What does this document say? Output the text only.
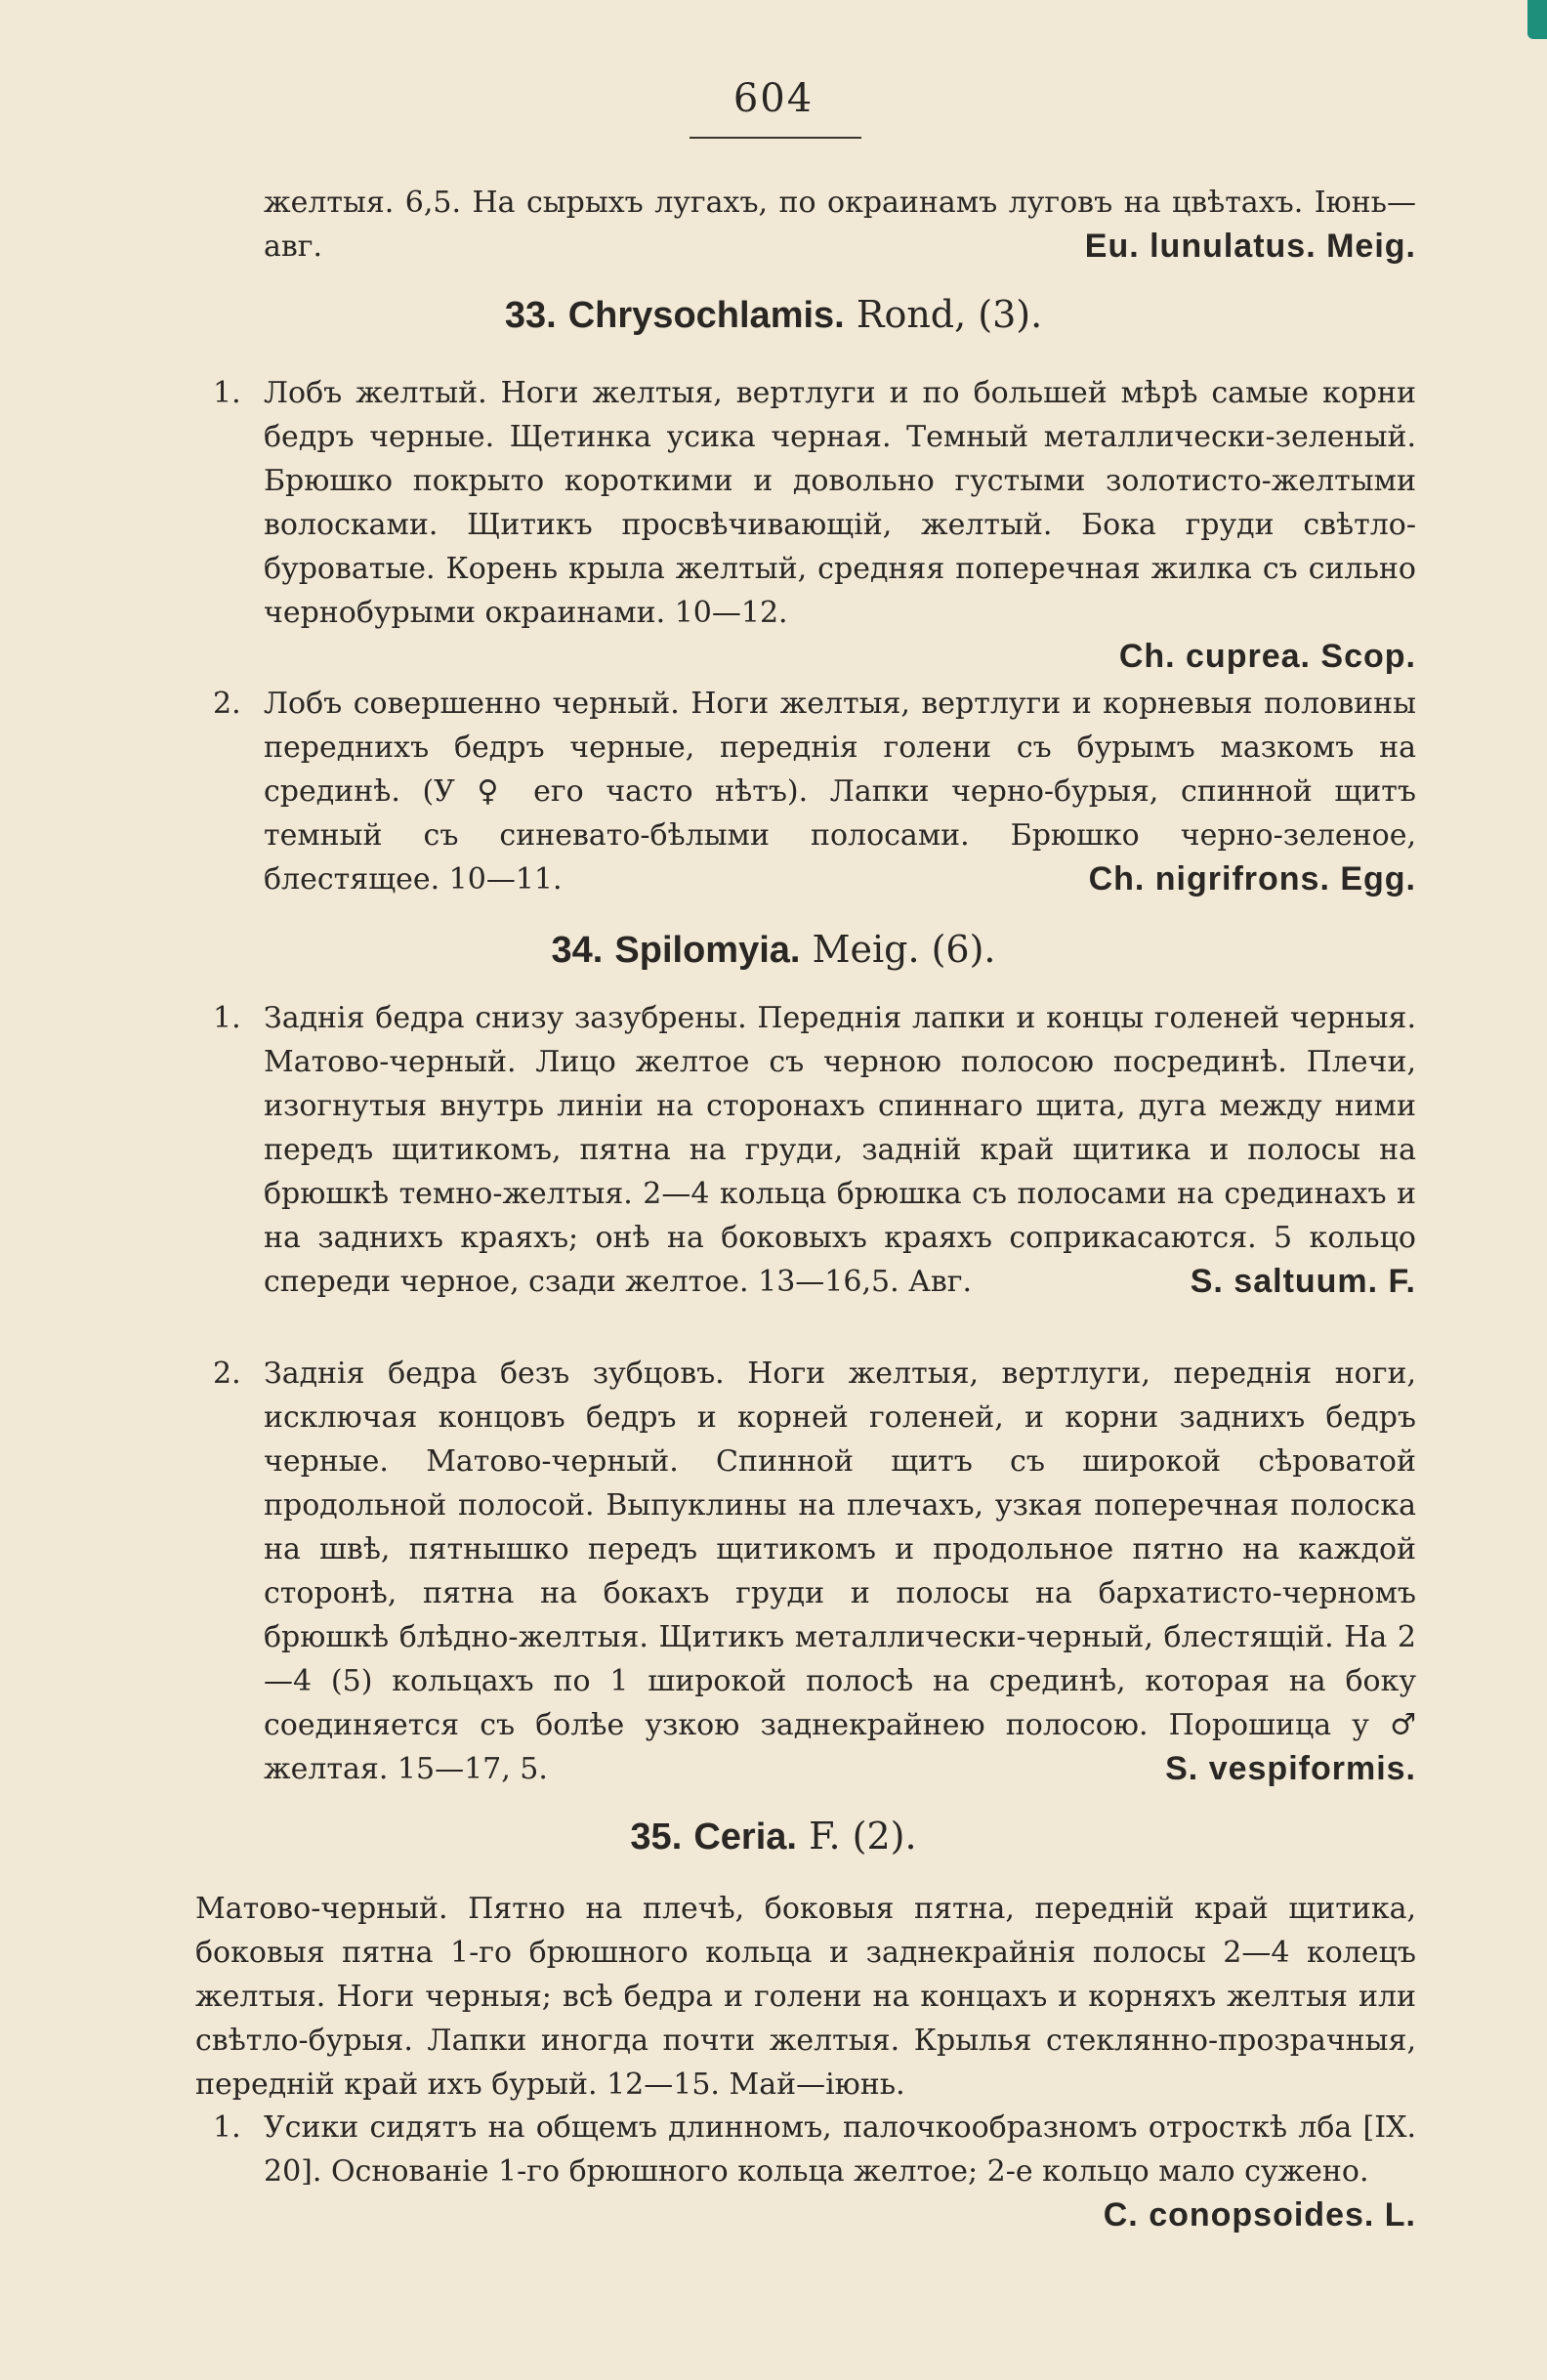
604
желтыя. 6,5. На сырыхъ лугахъ, по окраинамъ луговъ на цвѣтахъ. Іюнь—авг.	Eu. lunulatus. Meig.
33. Chrysochlamis. Rond, (3).
1. Лобъ желтый. Ноги желтыя, вертлуги и по большей мѣрѣ самые корни бедръ черные. Щетинка усика черная. Темный металлически-зеленый. Брюшко покрыто короткими и довольно густыми золотисто-желтыми волосками. Щитикъ просвѣчивающій, желтый. Бока груди свѣтло-буроватые. Корень крыла желтый, средняя поперечная жилка съ сильно чернобурыми окраинами. 10—12.
Ch. cuprea. Scop.
2. Лобъ совершенно черный. Ноги желтыя, вертлуги и корневыя половины переднихъ бедръ черные, переднія голени съ бурымъ мазкомъ на срединѣ. (У ♀ его часто нѣтъ). Лапки черно-бурыя, спинной щитъ темный съ синевато-бѣлыми полосами. Брюшко черно-зеленое, блестящее. 10—11.	Ch. nigrifrons. Egg.
34. Spilomyia. Meig. (6).
1. Заднія бедра снизу зазубрены. Переднія лапки и концы голеней черныя. Матово-черный. Лицо желтое съ черною полосою посрединѣ. Плечи, изогнутыя внутрь линіи на сторонахъ спиннаго щита, дуга между ними передъ щитикомъ, пятна на груди, задній край щитика и полосы на брюшкѣ темно-желтыя. 2—4 кольца брюшка съ полосами на срединахъ и на заднихъ краяхъ; онѣ на боковыхъ краяхъ соприкасаются. 5 кольцо спереди черное, сзади желтое. 13—16,5. Авг.	S. saltuum. F.
2. Заднія бедра безъ зубцовъ. Ноги желтыя, вертлуги, переднія ноги, исключая концовъ бедръ и корней голеней, и корни заднихъ бедръ черные. Матово-черный. Спинной щитъ съ широкой сѣроватой продольной полосой. Выпуклины на плечахъ, узкая поперечная полоска на швѣ, пятнышко передъ щитикомъ и продольное пятно на каждой сторонѣ, пятна на бокахъ груди и полосы на бархатисто-черномъ брюшкѣ блѣдно-желтыя. Щитикъ металлически-черный, блестящій. На 2—4 (5) кольцахъ по 1 широкой полосѣ на срединѣ, которая на боку соединяется съ болѣе узкою заднекрайнею полосою. Порошица у ♂ желтая. 15—17, 5.	S. vespiformis.
35. Ceria. F. (2).
Матово-черный. Пятно на плечѣ, боковыя пятна, передній край щитика, боковыя пятна 1-го брюшного кольца и заднекрайнія полосы 2—4 колецъ желтыя. Ноги черныя; всѣ бедра и голени на концахъ и корняхъ желтыя или свѣтло-бурыя. Лапки иногда почти желтыя. Крылья стеклянно-прозрачныя, передній край ихъ бурый. 12—15. Май—іюнь.
1. Усики сидятъ на общемъ длинномъ, палочкообразномъ отросткѣ лба [IX. 20]. Основаніе 1-го брюшного кольца желтое; 2-е кольцо мало сужено.
C. conopsoides. L.
